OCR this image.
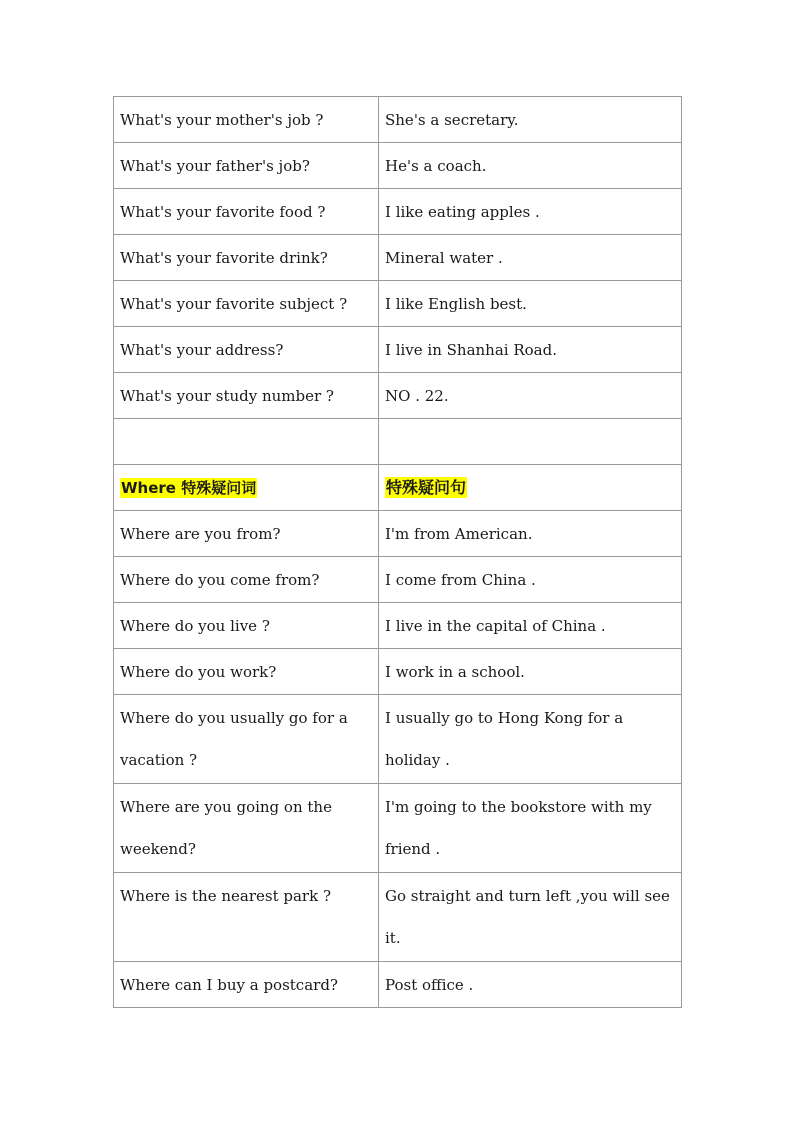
What's your mother's job ?	She's a secretary.
What's your father's job?	He's a coach.
What's your favorite food ?	I like eating apples .
What's your favorite drink?	Mineral water .
What's your favorite subject ?	I like English best.
What's your address?	I live in Shanhai Road.
What's your study number ?	NO . 22.

Where 特殊疑问词	特殊疑问句
Where are you from?	I'm from American.
Where do you come from?	I come from China .
Where do you live ?	I live in the capital of China .
Where do you work?	I work in a school.
Where do you usually go for a vacation ?	I usually go to Hong Kong for a holiday .
Where are you going on the weekend?	I'm going to the bookstore with my friend .
Where is the nearest park ?	Go straight and turn left ,you will see it.
Where can I buy a postcard?	Post office .
